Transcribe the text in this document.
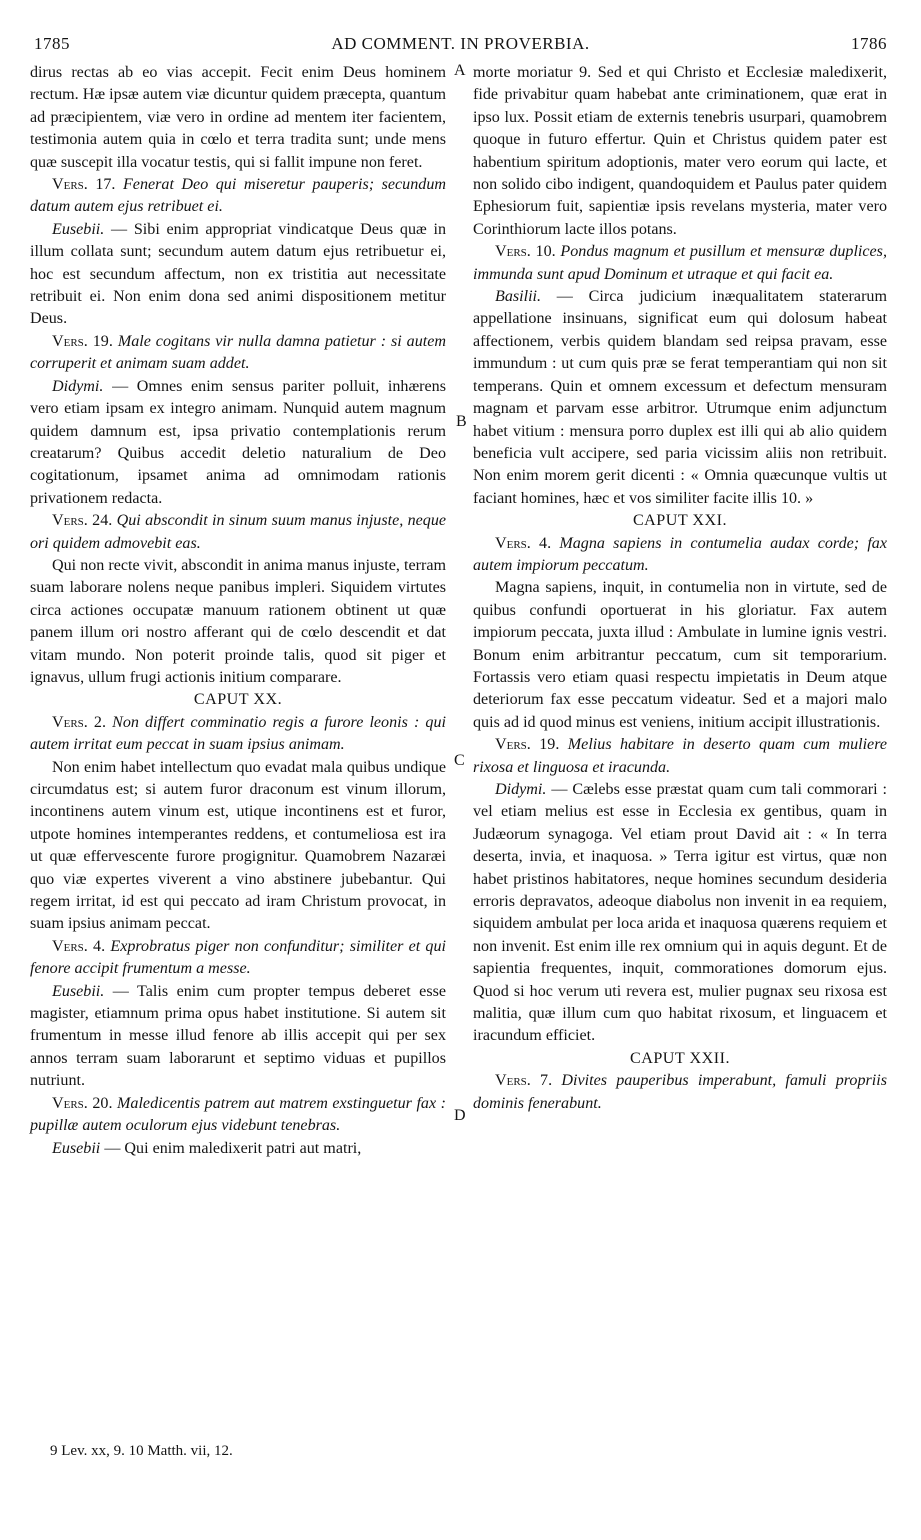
1785	AD COMMENT. IN PROVERBIA.	1786
A
B
C
D

dirus rectas ab eo vias accepit. Fecit enim Deus hominem rectum. Hæ ipsæ autem viæ dicuntur quidem præcepta, quantum ad præcipientem, viæ vero in ordine ad mentem iter facientem, testimonia autem quia in cœlo et terra tradita sunt; unde mens quæ suscepit illa vocatur testis, qui si fallit impune non feret.

Vers. 17. Fenerat Deo qui miseretur pauperis; secundum datum autem ejus retribuet ei.

Eusebii. — Sibi enim appropriat vindicatque Deus quæ in illum collata sunt; secundum autem datum ejus retribuetur ei, hoc est secundum affectum, non ex tristitia aut necessitate retribuit ei. Non enim dona sed animi dispositionem metitur Deus.

Vers. 19. Male cogitans vir nulla damna patietur : si autem corruperit et animam suam addet.

Didymi. — Omnes enim sensus pariter polluit, inhærens vero etiam ipsam ex integro animam. Nunquid autem magnum quidem damnum est, ipsa privatio contemplationis rerum creatarum? Quibus accedit deletio naturalium de Deo cogitationum, ipsamet anima ad omnimodam rationis privationem redacta.

Vers. 24. Qui abscondit in sinum suum manus injuste, neque ori quidem admovebit eas.

Qui non recte vivit, abscondit in anima manus injuste, terram suam laborare nolens neque panibus impleri. Siquidem virtutes circa actiones occupatæ manuum rationem obtinent ut quæ panem illum ori nostro afferant qui de cœlo descendit et dat vitam mundo. Non poterit proinde talis, quod sit piger et ignavus, ullum frugi actionis initium comparare.

CAPUT XX.

Vers. 2. Non differt comminatio regis a furore leonis : qui autem irritat eum peccat in suam ipsius animam.

Non enim habet intellectum quo evadat mala quibus undique circumdatus est; si autem furor draconum est vinum illorum, incontinens autem vinum est, utique incontinens est et furor, utpote homines intemperantes reddens, et contumeliosa est ira ut quæ effervescente furore progignitur. Quamobrem Nazaræi quo viæ expertes viverent a vino abstinere jubebantur. Qui regem irritat, id est qui peccato ad iram Christum provocat, in suam ipsius animam peccat.

Vers. 4. Exprobratus piger non confunditur; similiter et qui fenore accipit frumentum a messe.

Eusebii. — Talis enim cum propter tempus deberet esse magister, etiamnum prima opus habet institutione. Si autem sit frumentum in messe illud fenore ab illis accepit qui per sex annos terram suam laborarunt et septimo viduas et pupillos nutriunt.

Vers. 20. Maledicentis patrem aut matrem exstinguetur fax : pupillæ autem oculorum ejus videbunt tenebras.

Eusebii — Qui enim maledixerit patri aut matri,

morte moriatur 9. Sed et qui Christo et Ecclesiæ maledixerit, fide privabitur quam habebat ante criminationem, quæ erat in ipso lux. Possit etiam de externis tenebris usurpari, quamobrem quoque in futuro effertur. Quin et Christus quidem pater est habentium spiritum adoptionis, mater vero eorum qui lacte, et non solido cibo indigent, quandoquidem et Paulus pater quidem Ephesiorum fuit, sapientiæ ipsis revelans mysteria, mater vero Corinthiorum lacte illos potans.

Vers. 10. Pondus magnum et pusillum et mensuræ duplices, immunda sunt apud Dominum et utraque et qui facit ea.

Basilii. — Circa judicium inæqualitatem staterarum appellatione insinuans, significat eum qui dolosum habeat affectionem, verbis quidem blandam sed reipsa pravam, esse immundum : ut cum quis præ se ferat temperantiam qui non sit temperans. Quin et omnem excessum et defectum mensuram magnam et parvam esse arbitror. Utrumque enim adjunctum habet vitium : mensura porro duplex est illi qui ab alio quidem beneficia vult accipere, sed paria vicissim aliis non retribuit. Non enim morem gerit dicenti : « Omnia quæcunque vultis ut faciant homines, hæc et vos similiter facite illis 10. »

CAPUT XXI.

Vers. 4. Magna sapiens in contumelia audax corde; fax autem impiorum peccatum.

Magna sapiens, inquit, in contumelia non in virtute, sed de quibus confundi oportuerat in his gloriatur. Fax autem impiorum peccata, juxta illud : Ambulate in lumine ignis vestri. Bonum enim arbitrantur peccatum, cum sit temporarium. Fortassis vero etiam quasi respectu impietatis in Deum atque deteriorum fax esse peccatum videatur. Sed et a majori malo quis ad id quod minus est veniens, initium accipit illustrationis.

Vers. 19. Melius habitare in deserto quam cum muliere rixosa et linguosa et iracunda.

Didymi. — Cælebs esse præstat quam cum tali commorari : vel etiam melius est esse in Ecclesia ex gentibus, quam in Judæorum synagoga. Vel etiam prout David ait : « In terra deserta, invia, et inaquosa. » Terra igitur est virtus, quæ non habet pristinos habitatores, neque homines secundum desideria erroris depravatos, adeoque diabolus non invenit in ea requiem, siquidem ambulat per loca arida et inaquosa quærens requiem et non invenit. Est enim ille rex omnium qui in aquis degunt. Et de sapientia frequentes, inquit, commorationes domorum ejus. Quod si hoc verum uti revera est, mulier pugnax seu rixosa est malitia, quæ illum cum quo habitat rixosum, et linguacem et iracundum efficiet.

CAPUT XXII.

Vers. 7. Divites pauperibus imperabunt, famuli propriis dominis fenerabunt.

9 Lev. xx, 9. 10 Matth. vii, 12.
